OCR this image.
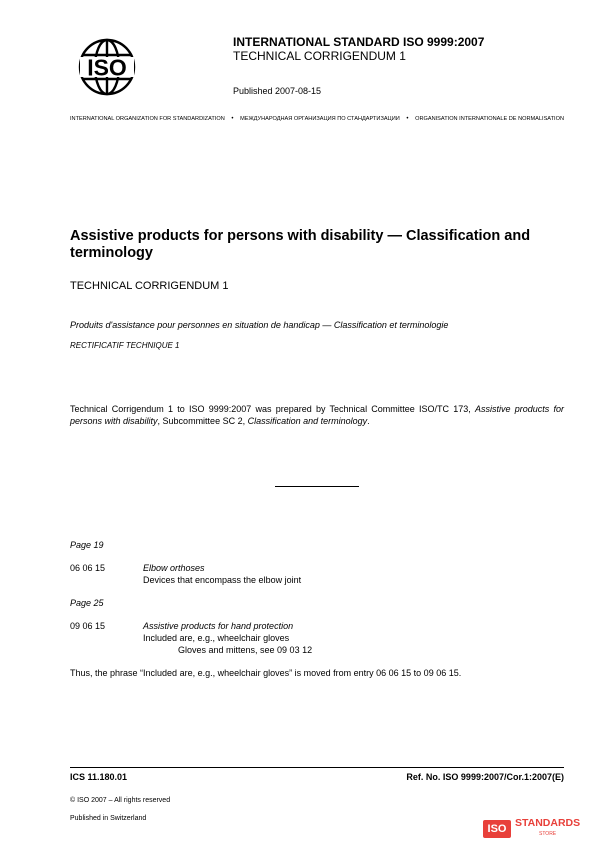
ISO
INTERNATIONAL STANDARD ISO 9999:2007
TECHNICAL CORRIGENDUM 1
Published 2007-08-15
INTERNATIONAL ORGANIZATION FOR STANDARDIZATION	•	МЕЖДУНАРОДНАЯ ОРГАНИЗАЦИЯ ПО СТАНДАРТИЗАЦИИ	•	ORGANISATION INTERNATIONALE DE NORMALISATION
Assistive products for persons with disability — Classification and terminology
TECHNICAL CORRIGENDUM 1
Produits d'assistance pour personnes en situation de handicap — Classification et terminologie
RECTIFICATIF TECHNIQUE 1
Technical Corrigendum 1 to ISO 9999:2007 was prepared by Technical Committee ISO/TC 173, Assistive products for persons with disability, Subcommittee SC 2, Classification and terminology.
Page 19
06 06 15	Elbow orthoses
Devices that encompass the elbow joint
Page 25
09 06 15	Assistive products for hand protection
Included are, e.g., wheelchair gloves
Gloves and mittens, see 09 03 12
Thus, the phrase “Included are, e.g., wheelchair gloves” is moved from entry 06 06 15 to 09 06 15.
ICS 11.180.01	Ref. No. ISO 9999:2007/Cor.1:2007(E)
© ISO 2007 – All rights reserved
Published in Switzerland
ISO STANDARDS
STORE
